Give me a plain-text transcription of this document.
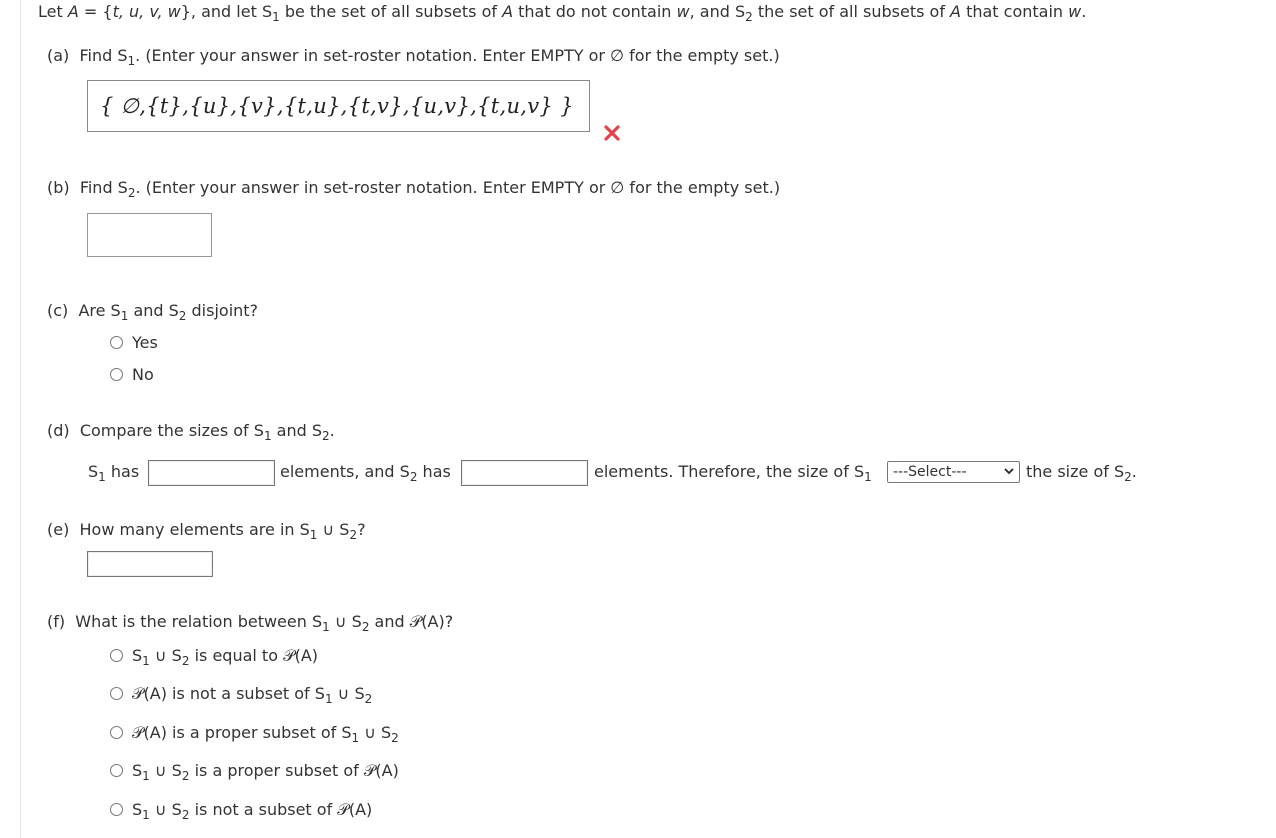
Let A = {t, u, v, w}, and let $S_1$ be the set of all subsets of A that do not contain w, and $S_2$ the set of all subsets of A that contain w.
(a) Find $S_1$. (Enter your answer in set-roster notation. Enter EMPTY or ∅ for the empty set.)
{ ∅,{t},{u},{v},{t,u},{t,v},{u,v},{t,u,v} }
(b) Find $S_2$. (Enter your answer in set-roster notation. Enter EMPTY or ∅ for the empty set.)
(c) Are $S_1$ and $S_2$ disjoint?
Yes
No
(d) Compare the sizes of $S_1$ and $S_2$.
$S_1$ has	elements, and $S_2$ has	elements. Therefore, the size of $S_1$	---Select---	the size of $S_2$.
(e) How many elements are in $S_1$ ∪ $S_2$?
(f) What is the relation between $S_1$ ∪ $S_2$ and 𝒫(A)?
$S_1$ ∪ $S_2$ is equal to 𝒫(A)
𝒫(A) is not a subset of $S_1$ ∪ $S_2$
𝒫(A) is a proper subset of $S_1$ ∪ $S_2$
$S_1$ ∪ $S_2$ is a proper subset of 𝒫(A)
$S_1$ ∪ $S_2$ is not a subset of 𝒫(A)
